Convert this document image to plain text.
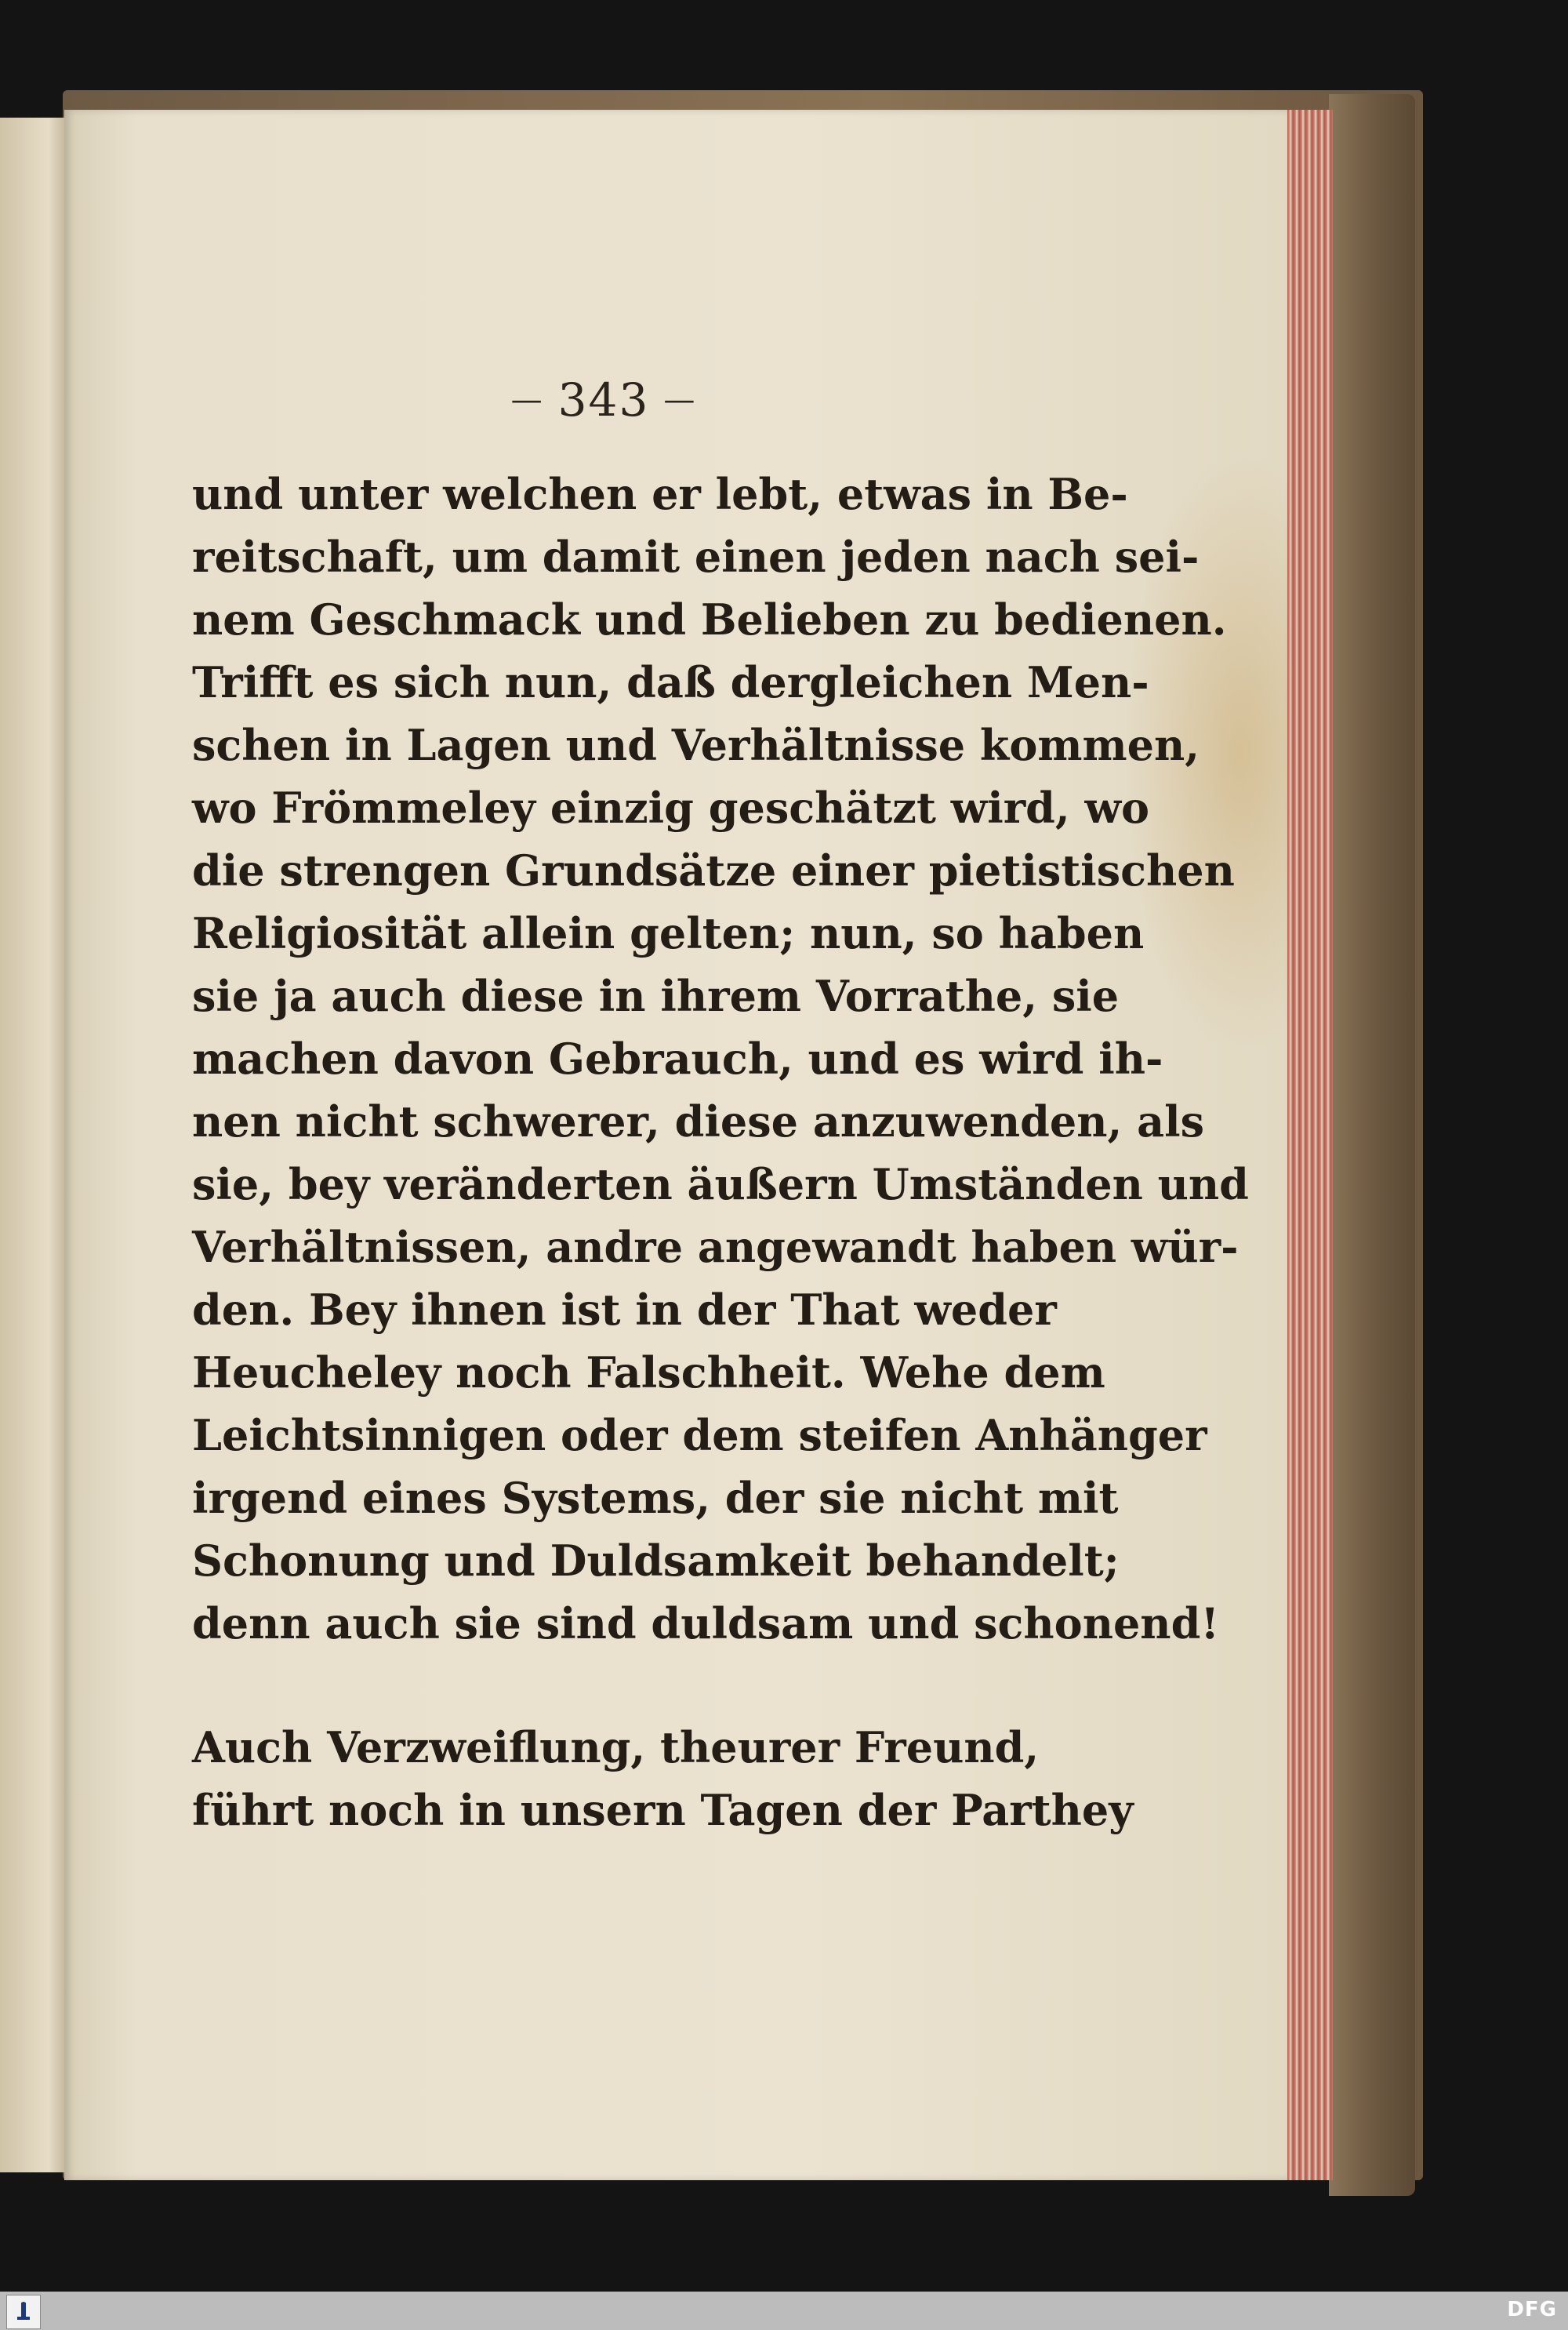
— 343 —
und unter welchen er lebt, etwas in Be-
reitschaft, um damit einen jeden nach sei-
nem Geschmack und Belieben zu bedienen.
Trifft es sich nun, daß dergleichen Men-
schen in Lagen und Verhältnisse kommen,
wo Frömmeley einzig geschätzt wird, wo
die strengen Grundsätze einer pietistischen
Religiosität allein gelten; nun, so haben
sie ja auch diese in ihrem Vorrathe, sie
machen davon Gebrauch, und es wird ih-
nen nicht schwerer, diese anzuwenden, als
sie, bey veränderten äußern Umständen und
Verhältnissen, andre angewandt haben wür-
den. Bey ihnen ist in der That weder
Heucheley noch Falschheit. Wehe dem
Leichtsinnigen oder dem steifen Anhänger
irgend eines Systems, der sie nicht mit
Schonung und Duldsamkeit behandelt;
denn auch sie sind duldsam und schonend!
Auch Verzweiflung, theurer Freund,
führt noch in unsern Tagen der Parthey
DFG
